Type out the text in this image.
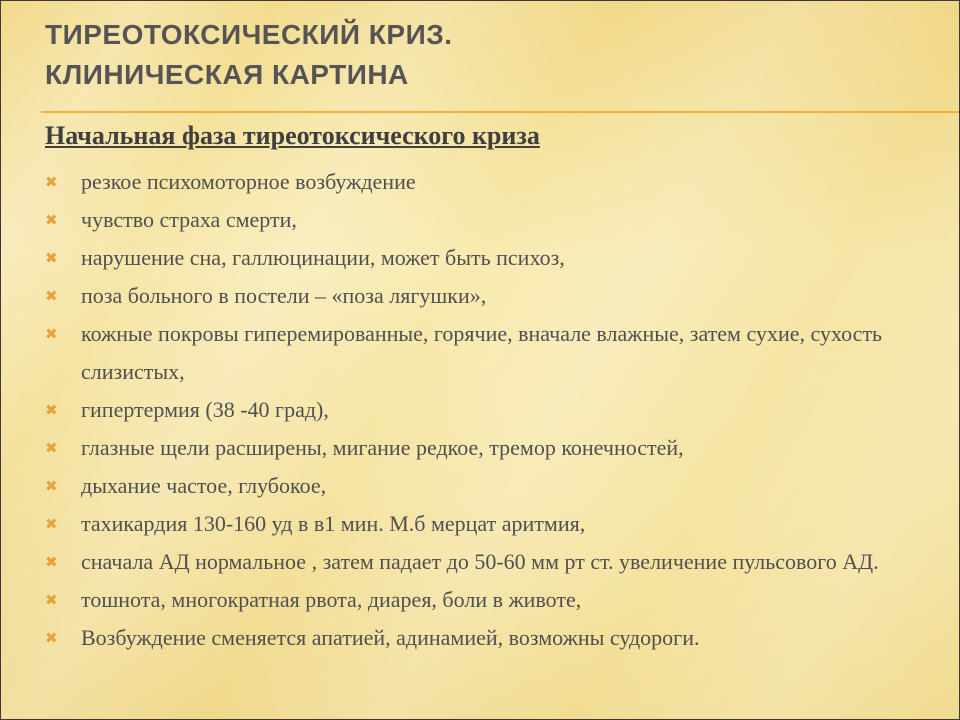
ТИРЕОТОКСИЧЕСКИЙ КРИЗ.
КЛИНИЧЕСКАЯ КАРТИНА
Начальная фаза тиреотоксического криза
✖ резкое психомоторное возбуждение
✖ чувство страха смерти,
✖ нарушение сна, галлюцинации, может быть психоз,
✖ поза больного в постели – «поза лягушки»,
✖ кожные покровы гиперемированные, горячие, вначале влажные, затем сухие, сухость слизистых,
✖ гипертермия (38 -40 град),
✖ глазные щели расширены, мигание редкое, тремор конечностей,
✖ дыхание частое, глубокое,
✖ тахикардия 130-160 уд в в1 мин. М.б мерцат аритмия,
✖ сначала АД нормальное , затем падает до 50-60 мм рт ст. увеличение пульсового АД.
✖ тошнота, многократная рвота, диарея, боли в животе,
✖ Возбуждение сменяется апатией, адинамией, возможны судороги.
